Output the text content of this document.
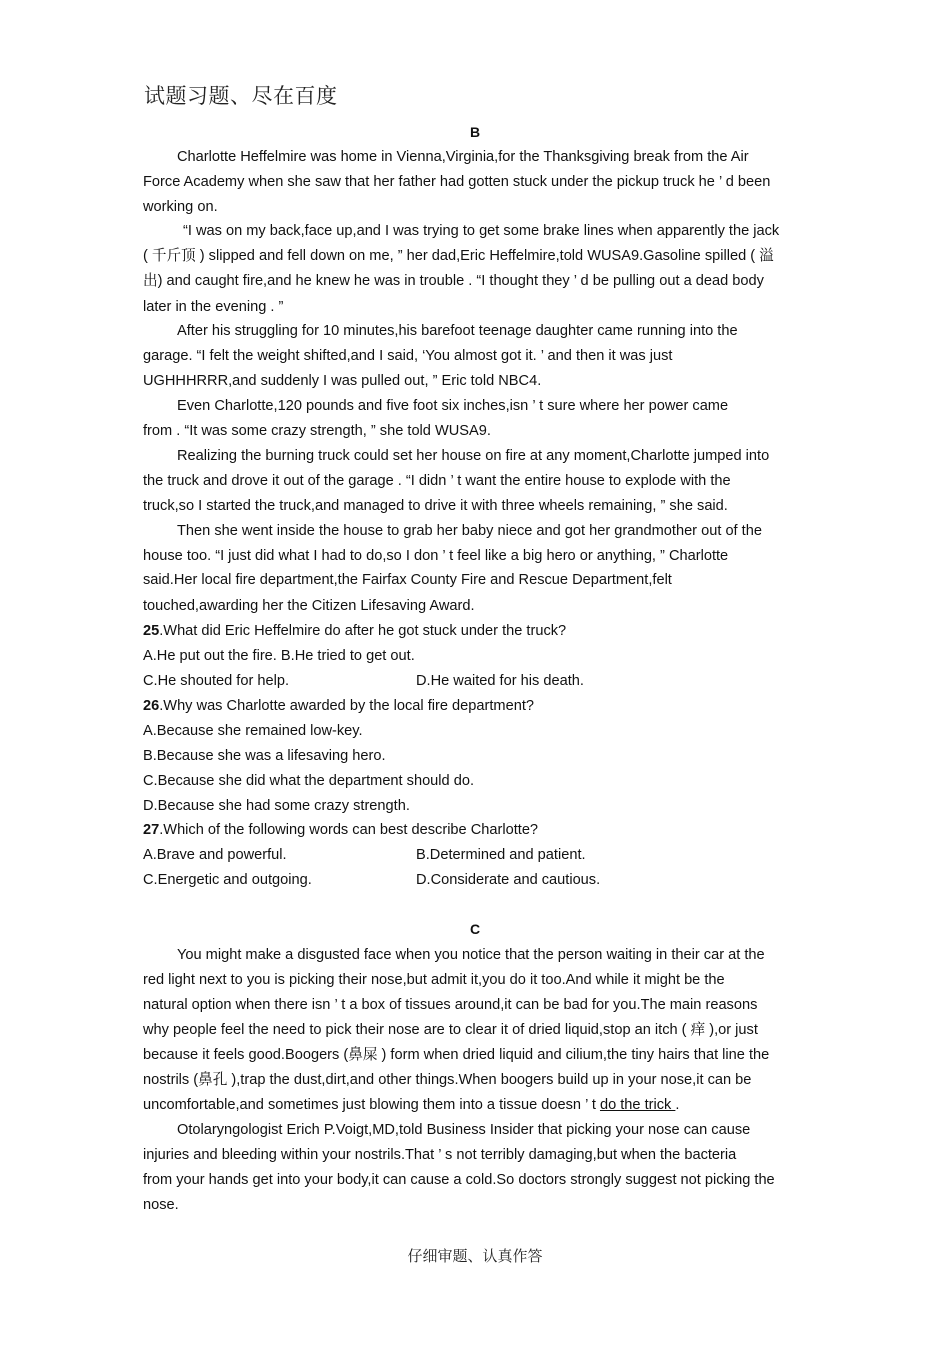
试题习题、尽在百度
B
Charlotte Heffelmire was home in Vienna,Virginia,for the Thanksgiving break from the Air
Force Academy when she saw that her father had gotten stuck under the pickup truck he ’ d been
working on.
“I was on my back,face up,and I was trying to get some brake lines when apparently the jack
( 千斤顶 ) slipped and fell down on me, ” her dad,Eric Heffelmire,told WUSA9.Gasoline spilled ( 溢
出) and caught fire,and he knew he was in trouble . “I thought they ’ d be pulling out a dead body
later in the evening . ”
After his struggling for 10 minutes,his barefoot teenage daughter came running into the
garage. “I felt the weight shifted,and I said, ‘You almost got it. ’ and then it was just
UGHHHRRR,and suddenly I was pulled out, ” Eric told NBC4.
Even Charlotte,120 pounds and five foot six inches,isn ’ t sure where her power came
from . “It was some crazy strength, ” she told WUSA9.
Realizing the burning truck could set her house on fire at any moment,Charlotte jumped into
the truck and drove it out of the garage . “I didn ’ t want the entire house to explode with the
truck,so I started the truck,and managed to drive it with three wheels remaining, ” she said.
Then she went inside the house to grab her baby niece and got her grandmother out of the
house too. “I just did what I had to do,so I don ’ t feel like a big hero or anything, ” Charlotte
said.Her local fire department,the Fairfax County Fire and Rescue Department,felt
touched,awarding her the Citizen Lifesaving Award.
25.What did Eric Heffelmire do after he got stuck under the truck?
A.He put out the fire. B.He tried to get out.
C.He shouted for help.	D.He waited for his death.
26.Why was Charlotte awarded by the local fire department?
A.Because she remained low-key.
B.Because she was a lifesaving hero.
C.Because she did what the department should do.
D.Because she had some crazy strength.
27.Which of the following words can best describe Charlotte?
A.Brave and powerful.	B.Determined and patient.
C.Energetic and outgoing.	D.Considerate and cautious.
C
You might make a disgusted face when you notice that the person waiting in their car at the
red light next to you is picking their nose,but admit it,you do it too.And while it might be the
natural option when there isn ’ t a box of tissues around,it can be bad for you.The main reasons
why people feel the need to pick their nose are to clear it of dried liquid,stop an itch ( 痒 ),or just
because it feels good.Boogers (鼻屎 ) form when dried liquid and cilium,the tiny hairs that line the
nostrils (鼻孔 ),trap the dust,dirt,and other things.When boogers build up in your nose,it can be
uncomfortable,and sometimes just blowing them into a tissue doesn ’ t do the trick .
Otolaryngologist Erich P.Voigt,MD,told Business Insider that picking your nose can cause
injuries and bleeding within your nostrils.That ’ s not terribly damaging,but when the bacteria
from your hands get into your body,it can cause a cold.So doctors strongly suggest not picking the
nose.
仔细审题、认真作答
